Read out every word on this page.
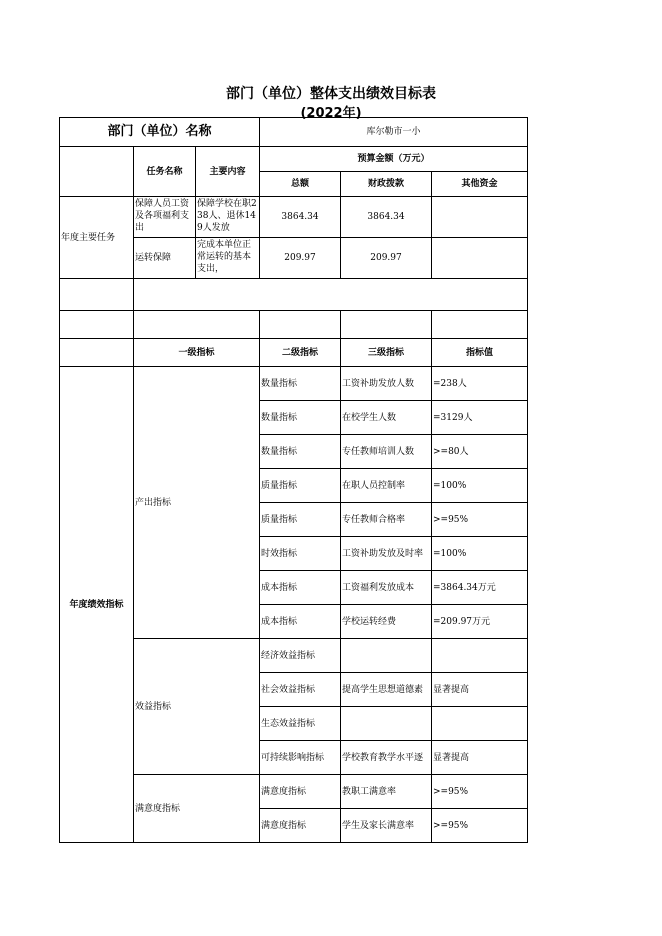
部门（单位）整体支出绩效目标表
(2022年)
部门（单位）名称			库尔勒市一小		
	任务名称	主要内容	预算金额（万元）		
			总额	财政拨款	其他资金
年度主要任务	保障人员工资及各项福利支出	保障学校在职238人、退休149人发放	3864.34	3864.34	
	运转保障	完成本单位正常运转的基本支出，	209.97	209.97	

	一级指标		二级指标	三级指标	指标值
年度绩效指标	产出指标		数量指标	工资补助发放人数	=238人
			数量指标	在校学生人数	=3129人
			数量指标	专任教师培训人数	>=80人
			质量指标	在职人员控制率	=100%
			质量指标	专任教师合格率	>=95%
			时效指标	工资补助发放及时率	=100%
			成本指标	工资福利发放成本	=3864.34万元
			成本指标	学校运转经费	=209.97万元
	效益指标		经济效益指标		
			社会效益指标	提高学生思想道德素	显著提高
			生态效益指标		
			可持续影响指标	学校教育教学水平逐	显著提高
	满意度指标		满意度指标	教职工满意率	>=95%
			满意度指标	学生及家长满意率	>=95%
